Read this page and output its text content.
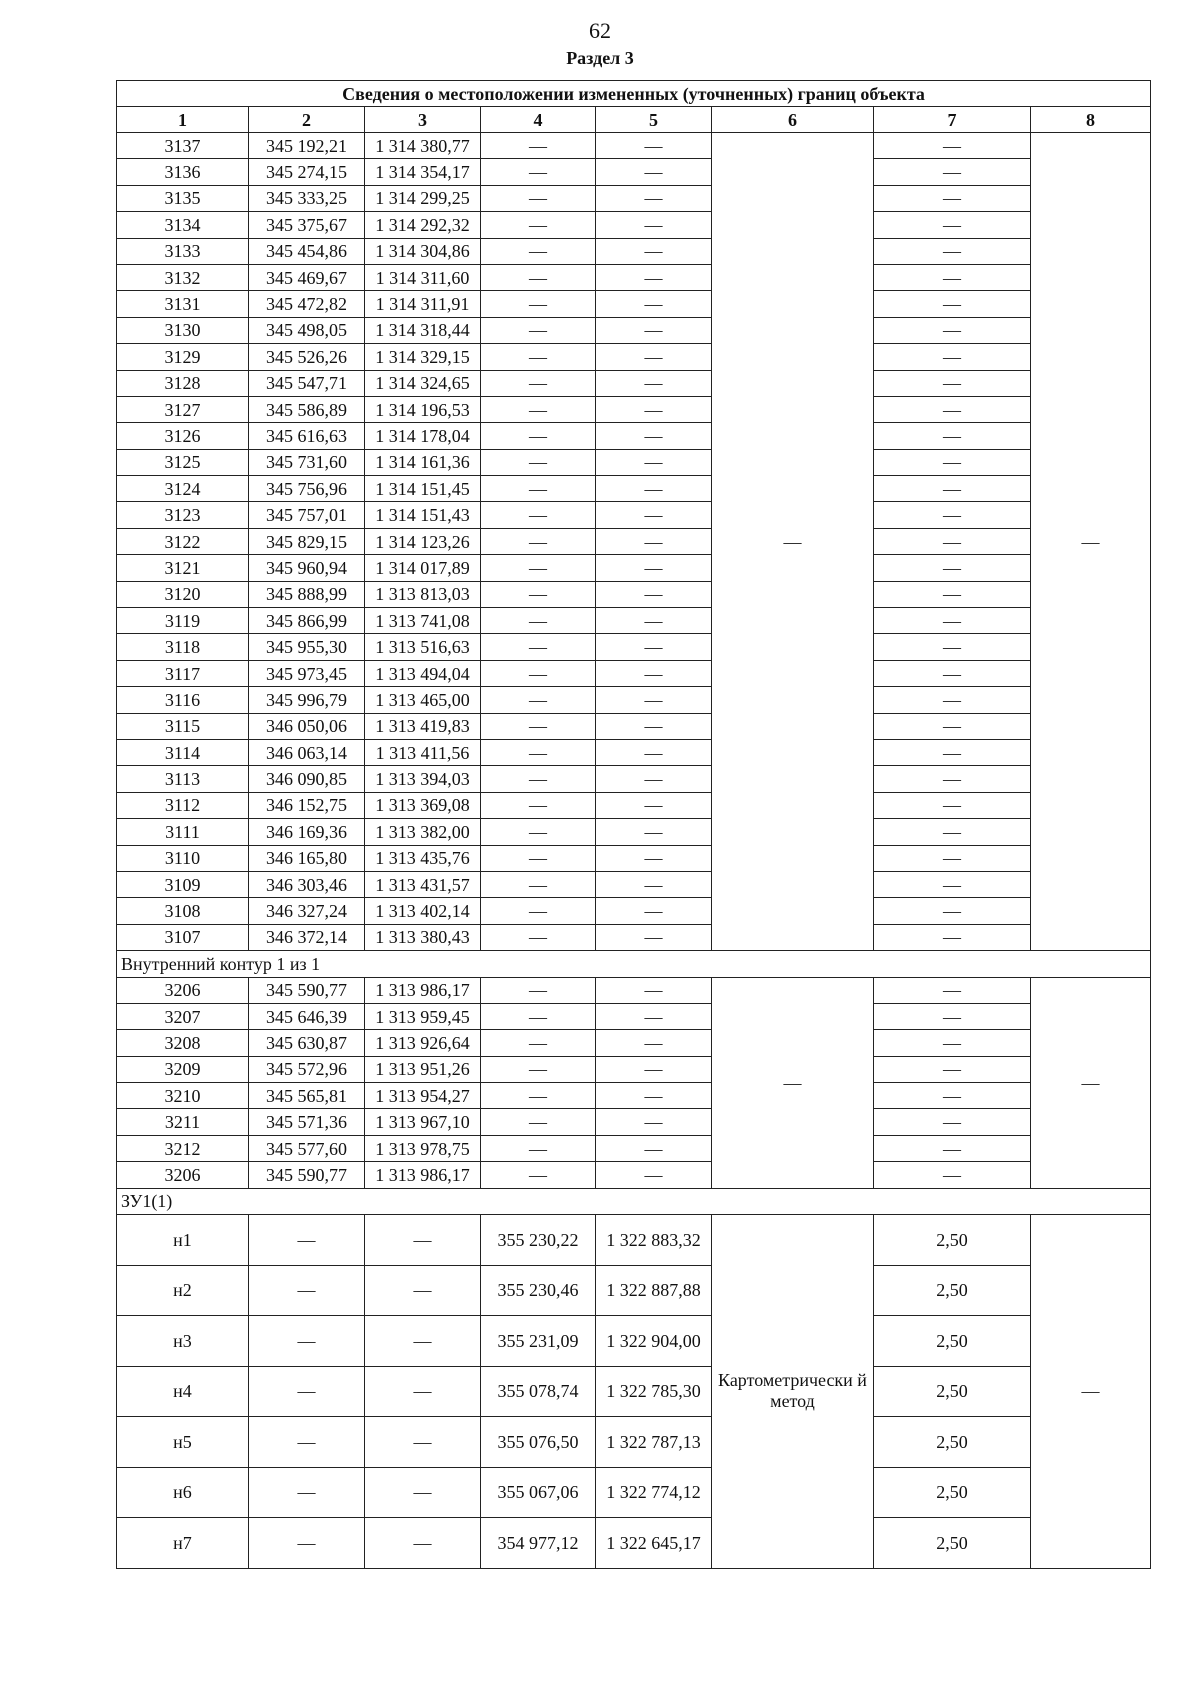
62
Раздел 3
Сведения о местоположении измененных (уточненных) границ объекта							
1	2	3	4	5	6	7	8
3137	345 192,21	1 314 380,77	—	—	—	—	—
3136	345 274,15	1 314 354,17	—	—		—	
3135	345 333,25	1 314 299,25	—	—		—	
3134	345 375,67	1 314 292,32	—	—		—	
3133	345 454,86	1 314 304,86	—	—		—	
3132	345 469,67	1 314 311,60	—	—		—	
3131	345 472,82	1 314 311,91	—	—		—	
3130	345 498,05	1 314 318,44	—	—		—	
3129	345 526,26	1 314 329,15	—	—		—	
3128	345 547,71	1 314 324,65	—	—		—	
3127	345 586,89	1 314 196,53	—	—		—	
3126	345 616,63	1 314 178,04	—	—		—	
3125	345 731,60	1 314 161,36	—	—		—	
3124	345 756,96	1 314 151,45	—	—		—	
3123	345 757,01	1 314 151,43	—	—		—	
3122	345 829,15	1 314 123,26	—	—		—	
3121	345 960,94	1 314 017,89	—	—		—	
3120	345 888,99	1 313 813,03	—	—		—	
3119	345 866,99	1 313 741,08	—	—		—	
3118	345 955,30	1 313 516,63	—	—		—	
3117	345 973,45	1 313 494,04	—	—		—	
3116	345 996,79	1 313 465,00	—	—		—	
3115	346 050,06	1 313 419,83	—	—		—	
3114	346 063,14	1 313 411,56	—	—		—	
3113	346 090,85	1 313 394,03	—	—		—	
3112	346 152,75	1 313 369,08	—	—		—	
3111	346 169,36	1 313 382,00	—	—		—	
3110	346 165,80	1 313 435,76	—	—		—	
3109	346 303,46	1 313 431,57	—	—		—	
3108	346 327,24	1 313 402,14	—	—		—	
3107	346 372,14	1 313 380,43	—	—		—	
Внутренний контур 1 из 1							
3206	345 590,77	1 313 986,17	—	—	—	—	—
3207	345 646,39	1 313 959,45	—	—		—	
3208	345 630,87	1 313 926,64	—	—		—	
3209	345 572,96	1 313 951,26	—	—		—	
3210	345 565,81	1 313 954,27	—	—		—	
3211	345 571,36	1 313 967,10	—	—		—	
3212	345 577,60	1 313 978,75	—	—		—	
3206	345 590,77	1 313 986,17	—	—		—	
ЗУ1(1)							
н1	—	—	355 230,22	1 322 883,32	Картометрически й метод	2,50	—
н2	—	—	355 230,46	1 322 887,88		2,50	
н3	—	—	355 231,09	1 322 904,00		2,50	
н4	—	—	355 078,74	1 322 785,30		2,50	
н5	—	—	355 076,50	1 322 787,13		2,50	
н6	—	—	355 067,06	1 322 774,12		2,50	
н7	—	—	354 977,12	1 322 645,17		2,50	
